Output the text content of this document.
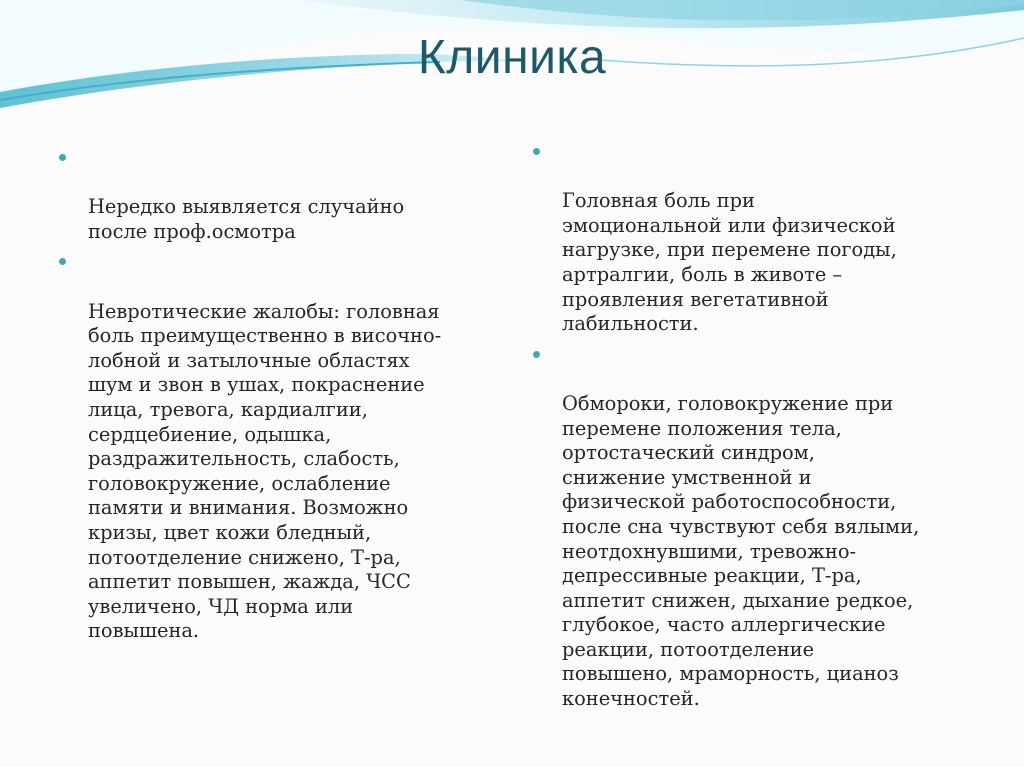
Клиника

Нередко выявляется случайно
после проф.осмотра

Невротические жалобы: головная
боль преимущественно в височно-
лобной и затылочные областях
шум и звон в ушах, покраснение
лица, тревога, кардиалгии,
сердцебиение, одышка,
раздражительность, слабость,
головокружение, ослабление
памяти и внимания. Возможно
кризы, цвет кожи бледный,
потоотделение снижено, Т-ра,
аппетит повышен, жажда, ЧСС
увеличено, ЧД норма или
повышена.

Головная боль при
эмоциональной или физической
нагрузке, при перемене погоды,
артралгии, боль в животе –
проявления вегетативной
лабильности.

Обмороки, головокружение при
перемене положения тела,
ортостачеcкий синдром,
снижение умственной и
физической работоспособности,
после сна чувствуют себя вялыми,
неотдохнувшими, тревожно-
депрессивные реакции, Т-ра,
аппетит снижен, дыхание редкое,
глубокое, часто аллергические
реакции, потоотделение
повышено, мраморность, цианоз
конечностей.
